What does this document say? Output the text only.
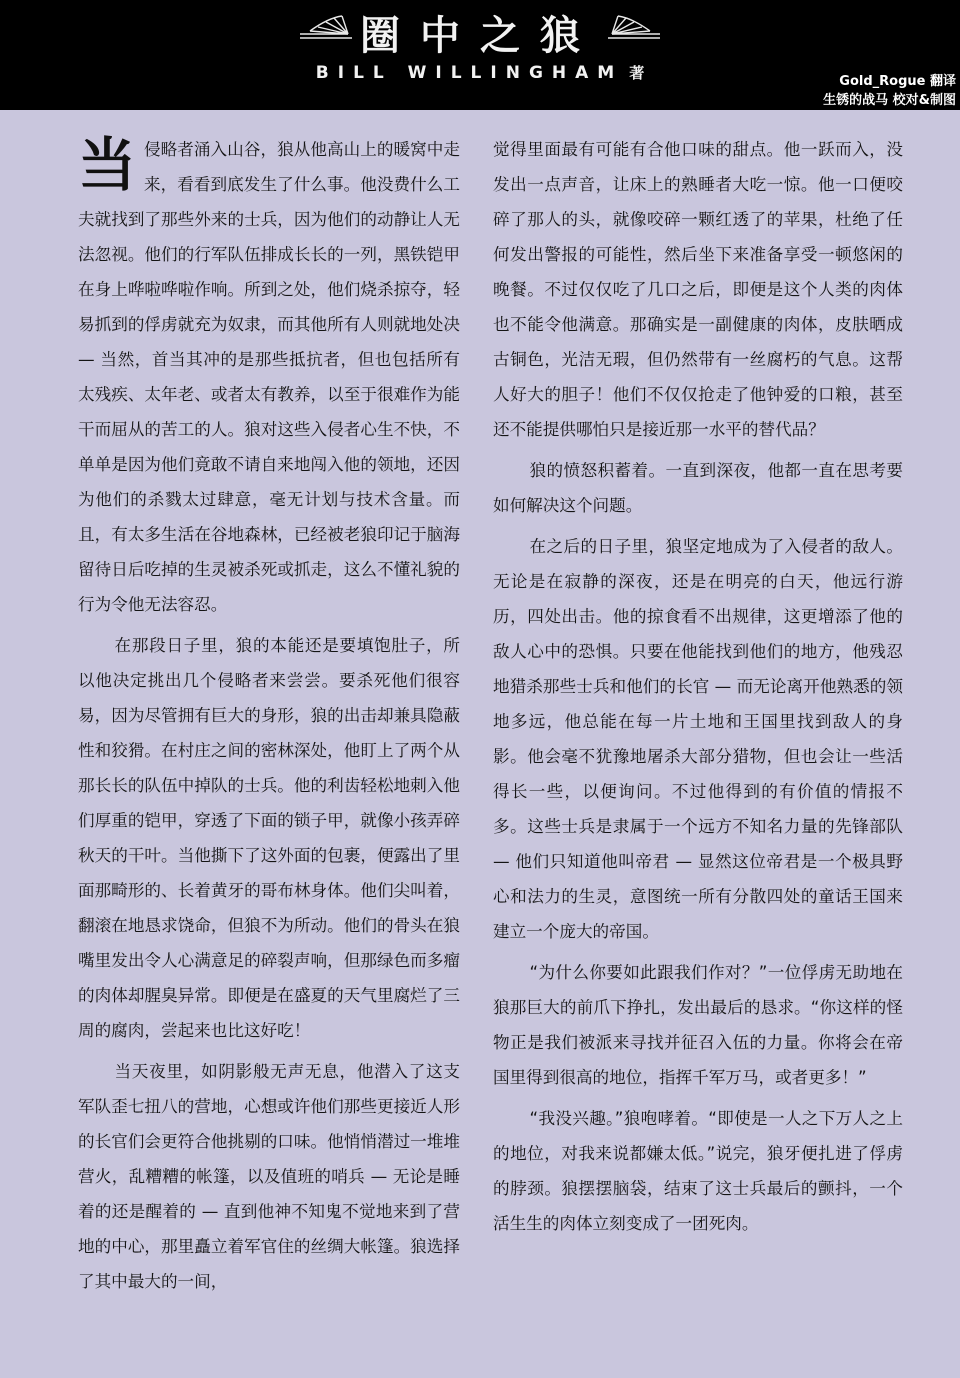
圈中之狼
BILL WILLINGHAM 著	Gold_Rogue 翻译
生锈的战马 校对&制图

当侵略者涌入山谷，狼从他高山上的暖窝中走来，看看到底发生了什么事。他没费什么工夫就找到了那些外来的士兵，因为他们的动静让人无法忽视。他们的行军队伍排成长长的一列，黑铁铠甲在身上哗啦哗啦作响。所到之处，他们烧杀掠夺，轻易抓到的俘虏就充为奴隶，而其他所有人则就地处决 — 当然，首当其冲的是那些抵抗者，但也包括所有太残疾、太年老、或者太有教养，以至于很难作为能干而屈从的苦工的人。狼对这些入侵者心生不快，不单单是因为他们竟敢不请自来地闯入他的领地，还因为他们的杀戮太过肆意，毫无计划与技术含量。而且，有太多生活在谷地森林，已经被老狼印记于脑海留待日后吃掉的生灵被杀死或抓走，这么不懂礼貌的行为令他无法容忍。

在那段日子里，狼的本能还是要填饱肚子，所以他决定挑出几个侵略者来尝尝。要杀死他们很容易，因为尽管拥有巨大的身形，狼的出击却兼具隐蔽性和狡猾。在村庄之间的密林深处，他盯上了两个从那长长的队伍中掉队的士兵。他的利齿轻松地刺入他们厚重的铠甲，穿透了下面的锁子甲，就像小孩弄碎秋天的干叶。当他撕下了这外面的包裹，便露出了里面那畸形的、长着黄牙的哥布林身体。他们尖叫着，翻滚在地恳求饶命，但狼不为所动。他们的骨头在狼嘴里发出令人心满意足的碎裂声响，但那绿色而多瘤的肉体却腥臭异常。即便是在盛夏的天气里腐烂了三周的腐肉，尝起来也比这好吃！

当天夜里，如阴影般无声无息，他潜入了这支军队歪七扭八的营地，心想或许他们那些更接近人形的长官们会更符合他挑剔的口味。他悄悄潜过一堆堆营火，乱糟糟的帐篷，以及值班的哨兵 — 无论是睡着的还是醒着的 — 直到他神不知鬼不觉地来到了营地的中心，那里矗立着军官住的丝绸大帐篷。狼选择了其中最大的一间，

觉得里面最有可能有合他口味的甜点。他一跃而入，没发出一点声音，让床上的熟睡者大吃一惊。他一口便咬碎了那人的头，就像咬碎一颗红透了的苹果，杜绝了任何发出警报的可能性，然后坐下来准备享受一顿悠闲的晚餐。不过仅仅吃了几口之后，即便是这个人类的肉体也不能令他满意。那确实是一副健康的肉体，皮肤晒成古铜色，光洁无瑕，但仍然带有一丝腐朽的气息。这帮人好大的胆子！他们不仅仅抢走了他钟爱的口粮，甚至还不能提供哪怕只是接近那一水平的替代品？

狼的愤怒积蓄着。一直到深夜，他都一直在思考要如何解决这个问题。

在之后的日子里，狼坚定地成为了入侵者的敌人。无论是在寂静的深夜，还是在明亮的白天，他远行游历，四处出击。他的掠食看不出规律，这更增添了他的敌人心中的恐惧。只要在他能找到他们的地方，他残忍地猎杀那些士兵和他们的长官 — 而无论离开他熟悉的领地多远，他总能在每一片土地和王国里找到敌人的身影。他会毫不犹豫地屠杀大部分猎物，但也会让一些活得长一些，以便询问。不过他得到的有价值的情报不多。这些士兵是隶属于一个远方不知名力量的先锋部队 — 他们只知道他叫帝君 — 显然这位帝君是一个极具野心和法力的生灵，意图统一所有分散四处的童话王国来建立一个庞大的帝国。

“为什么你要如此跟我们作对？”一位俘虏无助地在狼那巨大的前爪下挣扎，发出最后的恳求。“你这样的怪物正是我们被派来寻找并征召入伍的力量。你将会在帝国里得到很高的地位，指挥千军万马，或者更多！”

“我没兴趣。”狼咆哮着。“即使是一人之下万人之上的地位，对我来说都嫌太低。”说完，狼牙便扎进了俘虏的脖颈。狼摆摆脑袋，结束了这士兵最后的颤抖，一个活生生的肉体立刻变成了一团死肉。
